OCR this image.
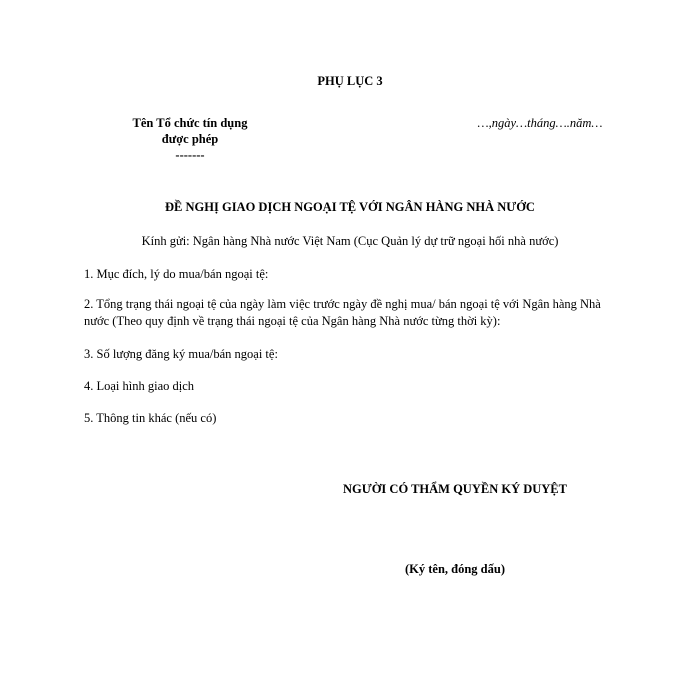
PHỤ LỤC 3
Tên Tổ chức tín dụng
được phép
-------
…,ngày…tháng….năm…
ĐỀ NGHỊ GIAO DỊCH NGOẠI TỆ VỚI NGÂN HÀNG NHÀ NƯỚC
Kính gửi: Ngân hàng Nhà nước Việt Nam (Cục Quản lý dự trữ ngoại hối nhà nước)
1. Mục đích, lý do mua/bán ngoại tệ:
2. Tổng trạng thái ngoại tệ của ngày làm việc trước ngày đề nghị mua/ bán ngoại tệ với Ngân hàng Nhà nước (Theo quy định về trạng thái ngoại tệ của Ngân hàng Nhà nước từng thời kỳ):
3. Số lượng đăng ký mua/bán ngoại tệ:
4. Loại hình giao dịch
5. Thông tin khác (nếu có)
NGƯỜI CÓ THẨM QUYỀN KÝ DUYỆT
(Ký tên, đóng dấu)
